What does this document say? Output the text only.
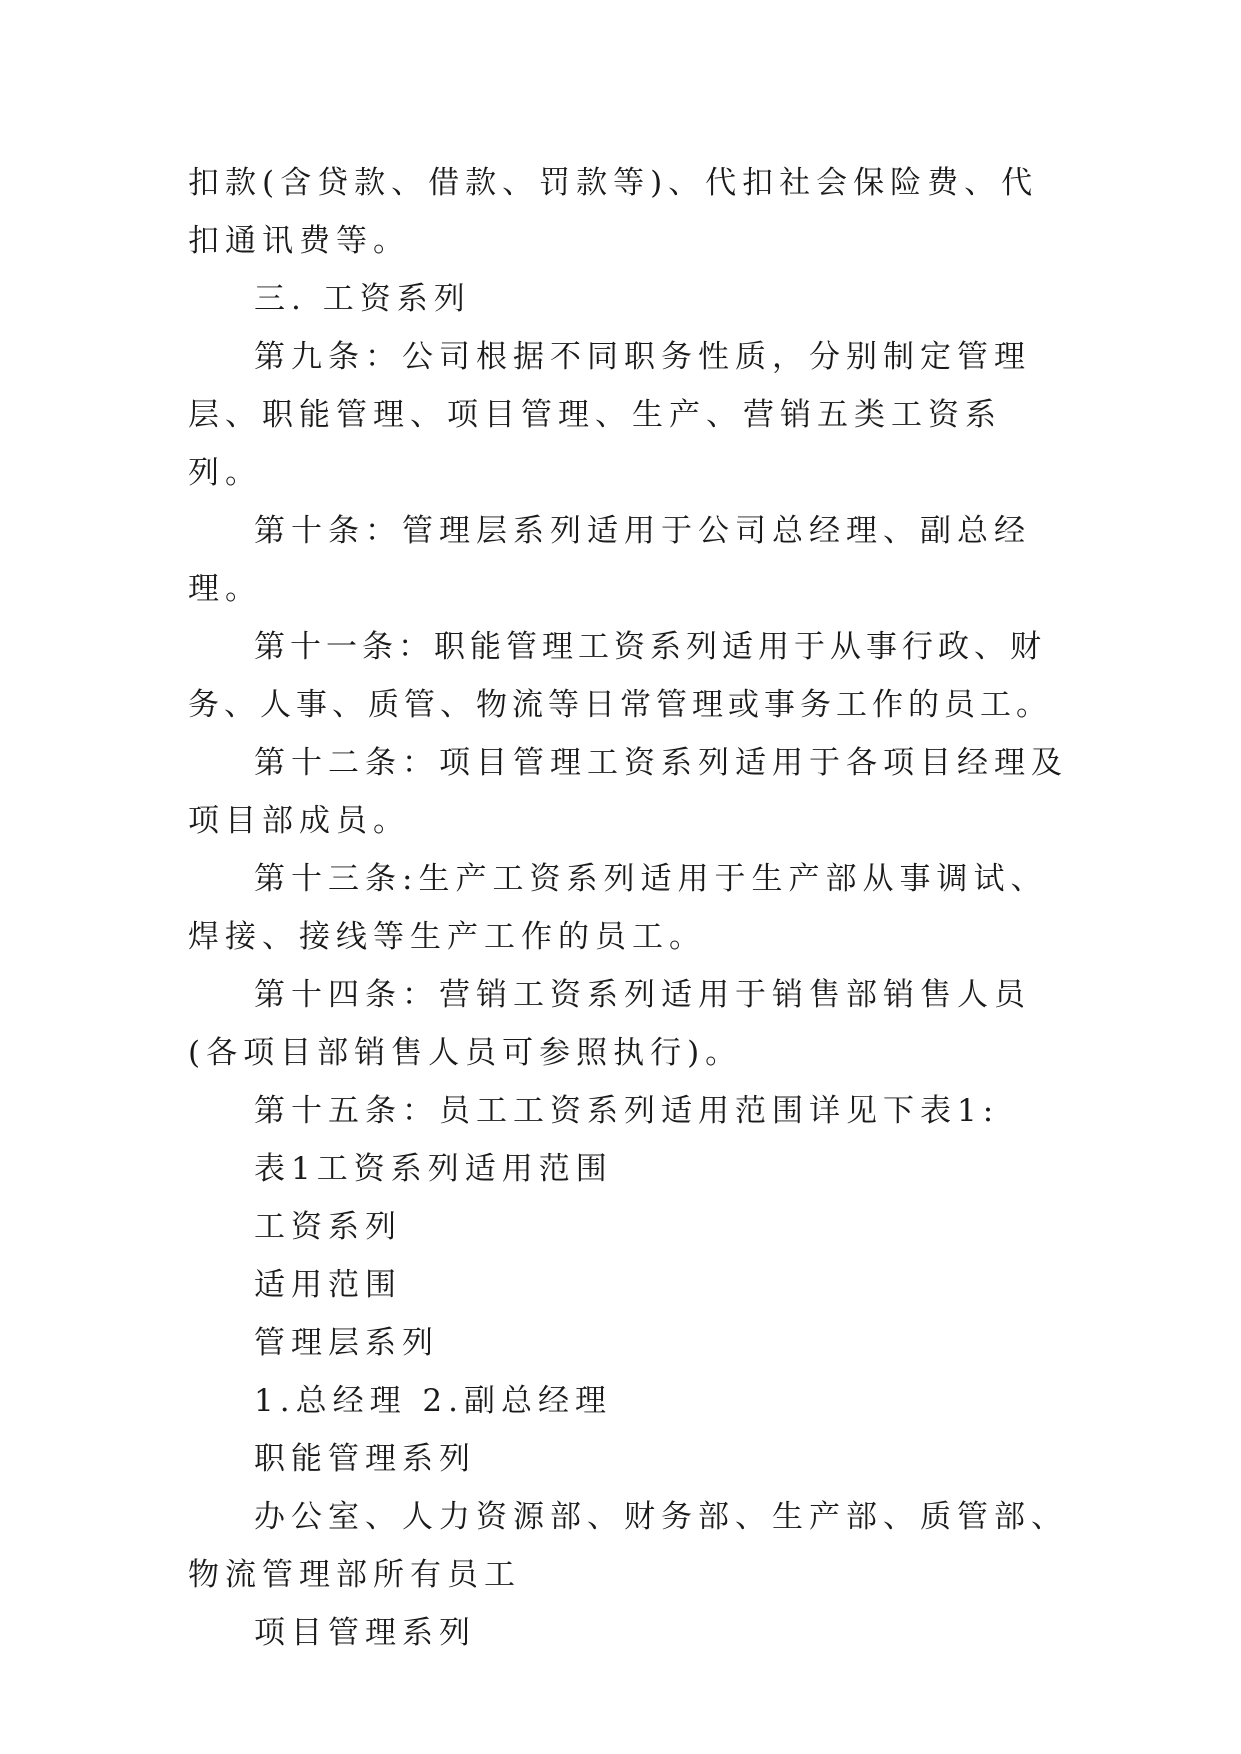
扣款(含贷款、借款、罚款等)、代扣社会保险费、代扣通讯费等。

三. 工资系列

第九条：公司根据不同职务性质，分别制定管理层、职能管理、项目管理、生产、营销五类工资系列。

第十条：管理层系列适用于公司总经理、副总经理。

第十一条：职能管理工资系列适用于从事行政、财务、人事、质管、物流等日常管理或事务工作的员工。

第十二条：项目管理工资系列适用于各项目经理及项目部成员。

第十三条:生产工资系列适用于生产部从事调试、焊接、接线等生产工作的员工。

第十四条：营销工资系列适用于销售部销售人员(各项目部销售人员可参照执行)。

第十五条：员工工资系列适用范围详见下表1:

表1工资系列适用范围

工资系列

适用范围

管理层系列

1.总经理 2.副总经理

职能管理系列

办公室、人力资源部、财务部、生产部、质管部、物流管理部所有员工

项目管理系列
